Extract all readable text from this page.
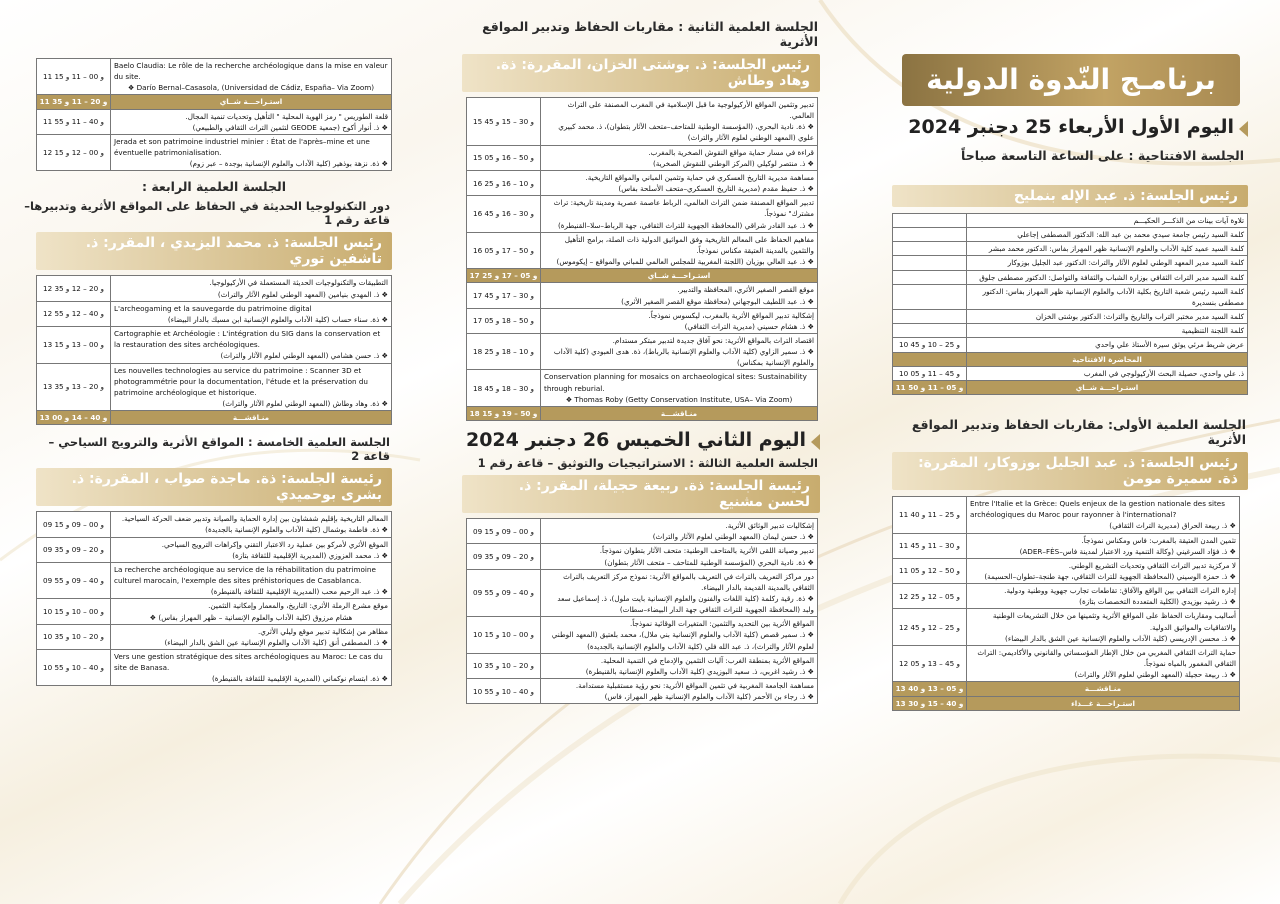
برنامـج النّدوة الدولية
اليوم الأول الأربعاء 25 دجنبر 2024
الجلسة الافتتاحية : على الساعة التاسعة صباحاً
رئيس الجلسة: ذ. عبد الإله بنمليح
	تلاوة آيات بينات من الذكـــر الحكيـــم
	كلمة السيد رئيس جامعة سيدي محمد بن عبد الله: الدكتور المصطفى إجاعلي
	كلمة السيد عميد كلية الآداب والعلوم الإنسانية ظهر المهراز بفاس: الدكتور محمد مبشر
	كلمة السيد مدير المعهد الوطني لعلوم الآثار والتراث: الدكتور عبد الجليل بوزوكار
	كلمة السيد مدير التراث الثقافي بوزارة الشباب والثقافة والتواصل: الدكتور مصطفى جلوق
	كلمة السيد رئيس شعبة التاريخ بكلية الآداب والعلوم الإنسانية ظهر المهراز بفاس: الدكتور مصطفى بنسديرة
	كلمة السيد مدير مختبر التراب والتاريخ والتراث: الدكتور بوشتى الخزان
	كلمة اللجنة التنظيمية
10 و 25 – 10 و 45	عرض شريط مرئي يوثق سيرة الأستاذ علي واحدي
	المحاضرة الافتتاحية
10 و 45 – 11 و 05	ذ. علي واحدي، حصيلة البحث الأركيولوجي في المغرب
11 و 05 – 11 و 50	استـراحـــة شــاي
الجلسة العلمية الأولى: مقاربات الحفاظ وتدبير المواقع الأثرية
رئيس الجلسة: ذ. عبد الجليل بوزوكار، المقررة: ذة. سميرة مومن
11 و 25 – 11 و 40	Entre l'Italie et la Grèce: Quels enjeux de la gestion nationale des sites archéologiques du Maroc pour rayonner à l'international?
❖ ذ. ربيعة الحراق (مديرية التراث الثقافي)

11 و 30 – 11 و 45	تثمين المدن العتيقة بالمغرب: فاس ومكناس نموذجاً.
❖ ذ. فؤاد السرغيني (وكالة التنمية ورد الاعتبار لمدينة فاس–ADER–FÈS)

11 و 50 – 12 و 05	لا مركزية تدبير التراث الثقافي وتحديات التشريع الوطني.
❖ ذ. حمزة الوسيني (المحافظة الجهوية للتراث الثقافي، جهة طنجة–تطوان–الحسيمة)

12 و 05 – 12 و 25	إدارة التراث الثقافي بين الواقع والآفاق: تقاطعات تجارب جهوية ووطنية ودولية.
❖ ذ. رشيد بوزيدي (الكلية المتعددة التخصصات بتازة)

12 و 25 – 12 و 45	أساليب ومقاربات الحفاظ على المواقع الأثرية وتثمينها من خلال التشريعات الوطنية والاتفاقيات والمواثيق الدولية.
❖ ذ. محسن الإدريسي (كلية الآداب والعلوم الإنسانية عين الشق بالدار البيضاء)

12 و 45 – 13 و 05	حماية التراث الثقافي المغربي من خلال الإطار المؤسساتي والقانوني والأكاديمي: التراث الثقافي المغمور بالمياه نموذجاً.
❖ ذ. ربيعة حجيلة (المعهد الوطني لعلوم الآثار والتراث)

13 و 05 – 13 و 40	منـاقشـــة
13 و 40 – 15 و 30	استـراحـــة غـــذاء
الجلسة العلمية الثانية : مقاربات الحفاظ وتدبير المواقع الأثرية
رئيس الجلسة: ذ. بوشتى الخزان، المقررة: ذة. وهاد وطاش
15 و 30 – 15 و 45	تدبير وتثمين المواقع الأركيولوجية ما قبل الإسلامية في المغرب المصنفة على التراث العالمي.
❖ ذة. نادية البحري، (المؤسسة الوطنية للمتاحف–متحف الآثار بتطوان)، ذ. محمد كبيري علوي (المعهد الوطني لعلوم الآثار والتراث)

15 و 50 – 16 و 05	قراءة في مسار حماية مواقع النقوش الصخرية بالمغرب.
❖ ذ. منتصر لوكيلي (المركز الوطني للنقوش الصخرية)

16 و 10 – 16 و 25	مساهمة مديرية التاريخ العسكري في حماية وتثمين المباني والمواقع التاريخية.
❖ ذ. حفيظ مقدم (مديرية التاريخ العسكري–متحف الأسلحة بفاس)

16 و 30 – 16 و 45	تدبير المواقع المصنفة ضمن التراث العالمي، الرباط عاصمة عصرية ومدينة تاريخية: تراث مشترك" نموذجاً.
❖ ذ. عبد القادر شراقي (المحافظة الجهوية للتراث الثقافي، جهة الرباط–سلا–القنيطرة)

16 و 50 – 17 و 05	مفاهيم الحفاظ على المعالم التاريخية وفق المواثيق الدولية ذات الصلة، برامج التأهيل والتثمين بالمدينة العتيقة مكناس نموذجاً.
❖ ذ. عبد العالي بوزيان (اللجنة المغربية للمجلس العالمي للمباني والمواقع – إيكوموس)

17 و 05 – 17 و 25	استـراحـــة شــاي
17 و 30 – 17 و 45	موقع القصر الصغير الأثري، المحافظة والتدبير.
❖ ذ. عبد اللطيف البوجهاني (محافظة موقع القصر الصغير الأثري)

17 و 50 – 18 و 05	إشكالية تدبير المواقع الأثرية بالمغرب، ليكسوس نموذجاً.
❖ ذ. هشام حسيني (مديرية التراث الثقافي)

18 و 10 – 18 و 25	اقتصاد التراث بالمواقع الأثرية: نحو آفاق جديدة لتدبير مبتكر مستدام.
❖ ذ. سمير الزاوي (كلية الآداب والعلوم الإنسانية بالرباط)، ذة. هدى العبودي (كلية الآداب والعلوم الإنسانية بمكناس)

18 و 30 – 18 و 45	Conservation planning for mosaics on archaeological sites: Sustainability through reburial.
❖ Thomas Roby (Getty Conservation Institute, USA– Via Zoom)

18 و 50 – 19 و 15	منـاقشـــة
اليوم الثاني الخميس 26 دجنبر 2024
الجلسة العلمية الثالثة : الاستراتيجيات والتوثيق – قاعة رقم 1
رئيسة الجلسة: ذة. ربيعة حجيلة، المقرر: ذ. لحسن مشنيع
09 و 00 – 09 و 15	إشكاليات تدبير الوثائق الأثرية.
❖ ذ. حسن ليمان (المعهد الوطني لعلوم الآثار والتراث)

09 و 20 – 09 و 35	تدبير وصيانة اللقى الأثرية بالمتاحف الوطنية: متحف الآثار بتطوان نموذجاً.
❖ ذة. نادية البحري (المؤسسة الوطنية للمتاحف – متحف الآثار بتطوان)

09 و 40 – 09 و 55	دور مراكز التعريف بالتراث في التعريف بالمواقع الأثرية: نموذج مركز التعريف بالتراث الثقافي بالمدينة القديمة بالدار البيضاء.
❖ ذة. رقية ركلمة (كلية اللغات والفنون والعلوم الإنسانية بايت ملول)، ذ. إسماعيل سعد ولبد (المحافظة الجهوية للتراث الثقافي جهة الدار البيضاء–سطات)

10 و 00 – 10 و 15	المواقع الأثرية بين التحديد والتثمين: المتغيرات الوقائية نموذجاً.
❖ ذ. سمير قصص (كلية الآداب والعلوم الإنسانية بني ملال)، محمد بلعتيق (المعهد الوطني لعلوم الآثار والتراث)، ذ. عبد الله فلي (كلية الآداب والعلوم الإنسانية بالجديدة)

10 و 20 – 10 و 35	المواقع الأثرية بمنطقة الغرب: آليات التثمين والإدماج في التنمية المحلية.
❖ ذ. رشيد اغربي، ذ. سعيد البوزيدي (كلية الآداب والعلوم الإنسانية بالقنيطرة)

10 و 40 – 10 و 55	مساهمة الجامعة المغربية في تثمين المواقع الأثرية: نحو رؤية مستقبلية مستدامة.
❖ ذ. رجاء بن الأحمر (كلية الآداب والعلوم الإنسانية ظهر المهراز، فاس)
11 و 00 – 11 و 15	Baelo Claudia: Le rôle de la recherche archéologique dans la mise en valeur du site.
❖ Darío Bernal–Casasola, (Universidad de Cádiz, España– Via Zoom)

11 و 20 – 11 و 35	استـراحـــة شــاي
11 و 40 – 11 و 55	قلعة الطوريس " رمز الهوية المحلية " التأهيل وتحديات تنمية المجال.
❖ ذ. أنوار أكوح (جمعية GEODE لتثمين التراث الثقافي والطبيعي)

12 و 00 – 12 و 15	Jerada et son patrimoine industriel minier : État de l'après–mine et une éventuelle patrimonialisation.
❖ ذة. نزهة بوذهير (كلية الآداب والعلوم الإنسانية بوجدة – عبر زوم)
الجلسة العلمية الرابعة :
دور التكنولوجيا الحديثة في الحفاظ على المواقع الأثرية وتدبيرها– قاعة رقم 1
رئيس الجلسة: ذ. محمد اليزيدي ، المقرر: ذ. تاشفين توري
12 و 20 – 12 و 35	التطبيقات والتكنولوجيات الحديثة المستعملة في الأركيولوجيا.
❖ ذ. المهدي بنيامين (المعهد الوطني لعلوم الآثار والتراث)

12 و 40 – 12 و 55	L'archeogaming et la sauvegarde du patrimoine digital
❖ ذة. سناء حساب (كلية الآداب والعلوم الإنسانية ابن مسيك بالدار البيضاء)

13 و 00 – 13 و 15	Cartographie et Archéologie : L'intégration du SIG dans la conservation et la restauration des sites archéologiques.
❖ ذ. حسن هشامي (المعهد الوطني لعلوم الآثار والتراث)

13 و 20 – 13 و 35	Les nouvelles technologies au service du patrimoine : Scanner 3D et photogrammétrie pour la documentation, l'étude et la préservation du patrimoine archéologique et historique.
❖ ذة. وهاد وطاش (المعهد الوطني لعلوم الآثار والتراث)

13 و 40 – 14 و 00	منـاقشـــة
الجلسة العلمية الخامسة : المواقع الأثرية والترويج السياحي – قاعة 2
رئيسة الجلسة: ذة. ماجدة صواب ، المقررة: ذ. بشرى بوحميدي
09 و 00 – 09 و 15	المعالم التاريخية بإقليم شفشاون بين إدارة الحماية والصيانة وتدبير ضعف الحركة السياحية.
❖ ذة. فاطمة بوشمال (كلية الآداب والعلوم الإنسانية بالجديدة)

09 و 20 – 09 و 35	الموقع الأثري لأمركو بين عملية رد الاعتبار التقني وإكراهات الترويج السياحي.
❖ ذ. محمد العزوزي (المديرية الإقليمية للثقافة بتازة)

09 و 40 – 09 و 55	La recherche archéologique au service de la réhabilitation du patrimoine culturel marocain, l'exemple des sites préhistoriques de Casablanca.
❖ ذ. عبد الرحيم محب (المديرية الإقليمية للثقافة بالقنيطرة)

10 و 00 – 10 و 15	موقع مشرع الرملة الأثري: التاريخ، والمعمار وإمكانية التثمين.
❖ هشام مرزوق (كلية الآداب والعلوم الإنسانية – ظهر المهراز بفاس)

10 و 20 – 10 و 35	مظاهر من إشكالية تدبير موقع وليلي الأثري.
❖ ذ. المصطفى أنق (كلية الآداب والعلوم الإنسانية عين الشق بالدار البيضاء)

10 و 40 – 10 و 55	Vers une gestion stratégique des sites archéologiques au Maroc: Le cas du site de Banasa.
❖ ذة. ابتسام نوكماني (المديرية الإقليمية للثقافة بالقنيطرة)
